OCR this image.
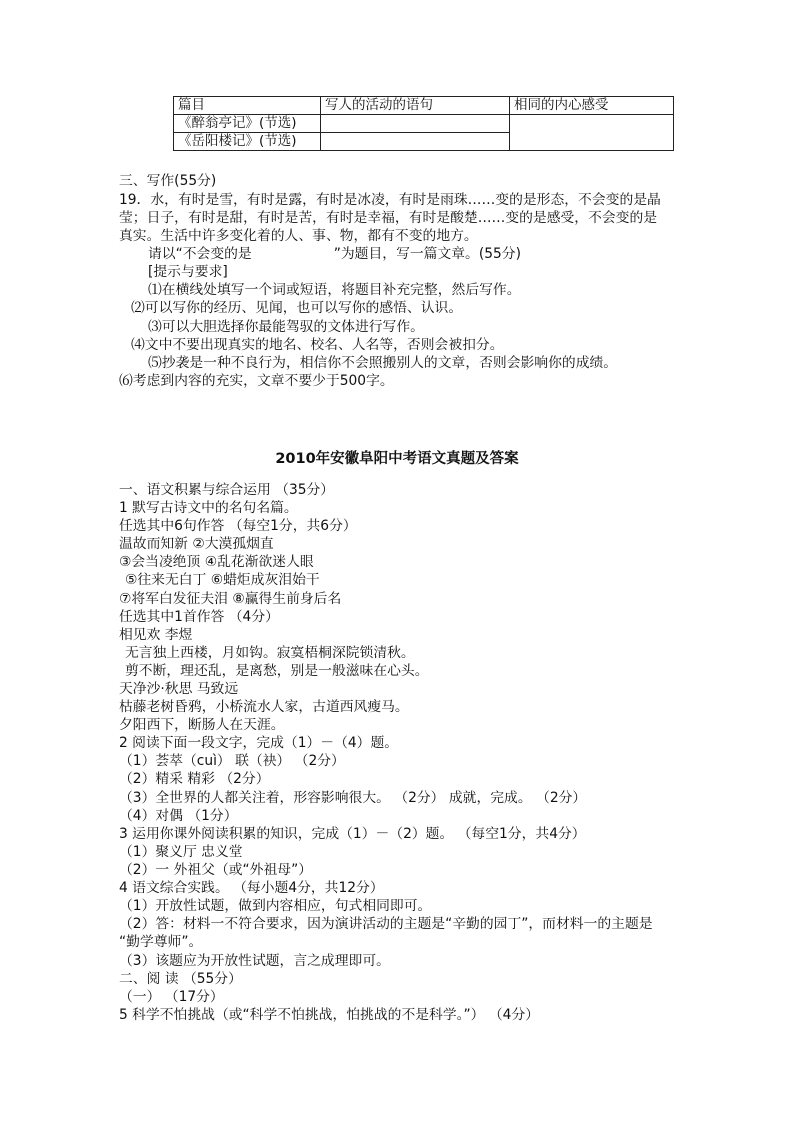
篇目	写人的活动的语句	相同的内心感受
《醉翁亭记》(节选)		
《岳阳楼记》(节选)		
三、写作(55分)
19．水，有时是雪，有时是露，有时是冰凌，有时是雨珠……变的是形态，不会变的是晶
莹；日子，有时是甜，有时是苦，有时是幸福，有时是酸楚……变的是感受，不会变的是
真实。生活中许多变化着的人、事、物，都有不变的地方。
请以“不会变的是	”为题目，写一篇文章。(55分)
[提示与要求]
⑴在横线处填写一个词或短语，将题目补充完整，然后写作。
⑵可以写你的经历、见闻，也可以写你的感悟、认识。
⑶可以大胆选择你最能驾驭的文体进行写作。
⑷文中不要出现真实的地名、校名、人名等，否则会被扣分。
⑸抄袭是一种不良行为，相信你不会照搬别人的文章，否则会影响你的成绩。
⑹考虑到内容的充实，文章不要少于500字。
2010年安徽阜阳中考语文真题及答案
一、语文积累与综合运用 （35分）
1 默写古诗文中的名句名篇。
任选其中6句作答 （每空1分，共6分）
温故而知新 ②大漠孤烟直
③会当凌绝顶 ④乱花渐欲迷人眼
⑤往来无白丁 ⑥蜡炬成灰泪始干
⑦将军白发征夫泪 ⑧赢得生前身后名
任选其中1首作答 （4分）
相见欢 李煜
无言独上西楼，月如钩。寂寞梧桐深院锁清秋。
剪不断，理还乱，是离愁，别是一般滋味在心头。
天净沙·秋思 马致远
枯藤老树昏鸦，小桥流水人家，古道西风瘦马。
夕阳西下，断肠人在天涯。
2 阅读下面一段文字，完成（1）－（4）题。
（1）荟萃（cuì） 联（袂） （2分）
（2）精采 精彩 （2分）
（3）全世界的人都关注着，形容影响很大。 （2分） 成就，完成。 （2分）
（4）对偶 （1分）
3 运用你课外阅读积累的知识，完成（1）－（2）题。 （每空1分，共4分）
（1）聚义厅 忠义堂
（2）一 外祖父（或“外祖母”）
4 语文综合实践。 （每小题4分，共12分）
（1）开放性试题，做到内容相应，句式相同即可。
（2）答：材料一不符合要求，因为演讲活动的主题是“辛勤的园丁”，而材料一的主题是
“勤学尊师”。
（3）该题应为开放性试题，言之成理即可。
二、阅 读 （55分）
（一） （17分）
5 科学不怕挑战（或“科学不怕挑战，怕挑战的不是科学。”） （4分）
